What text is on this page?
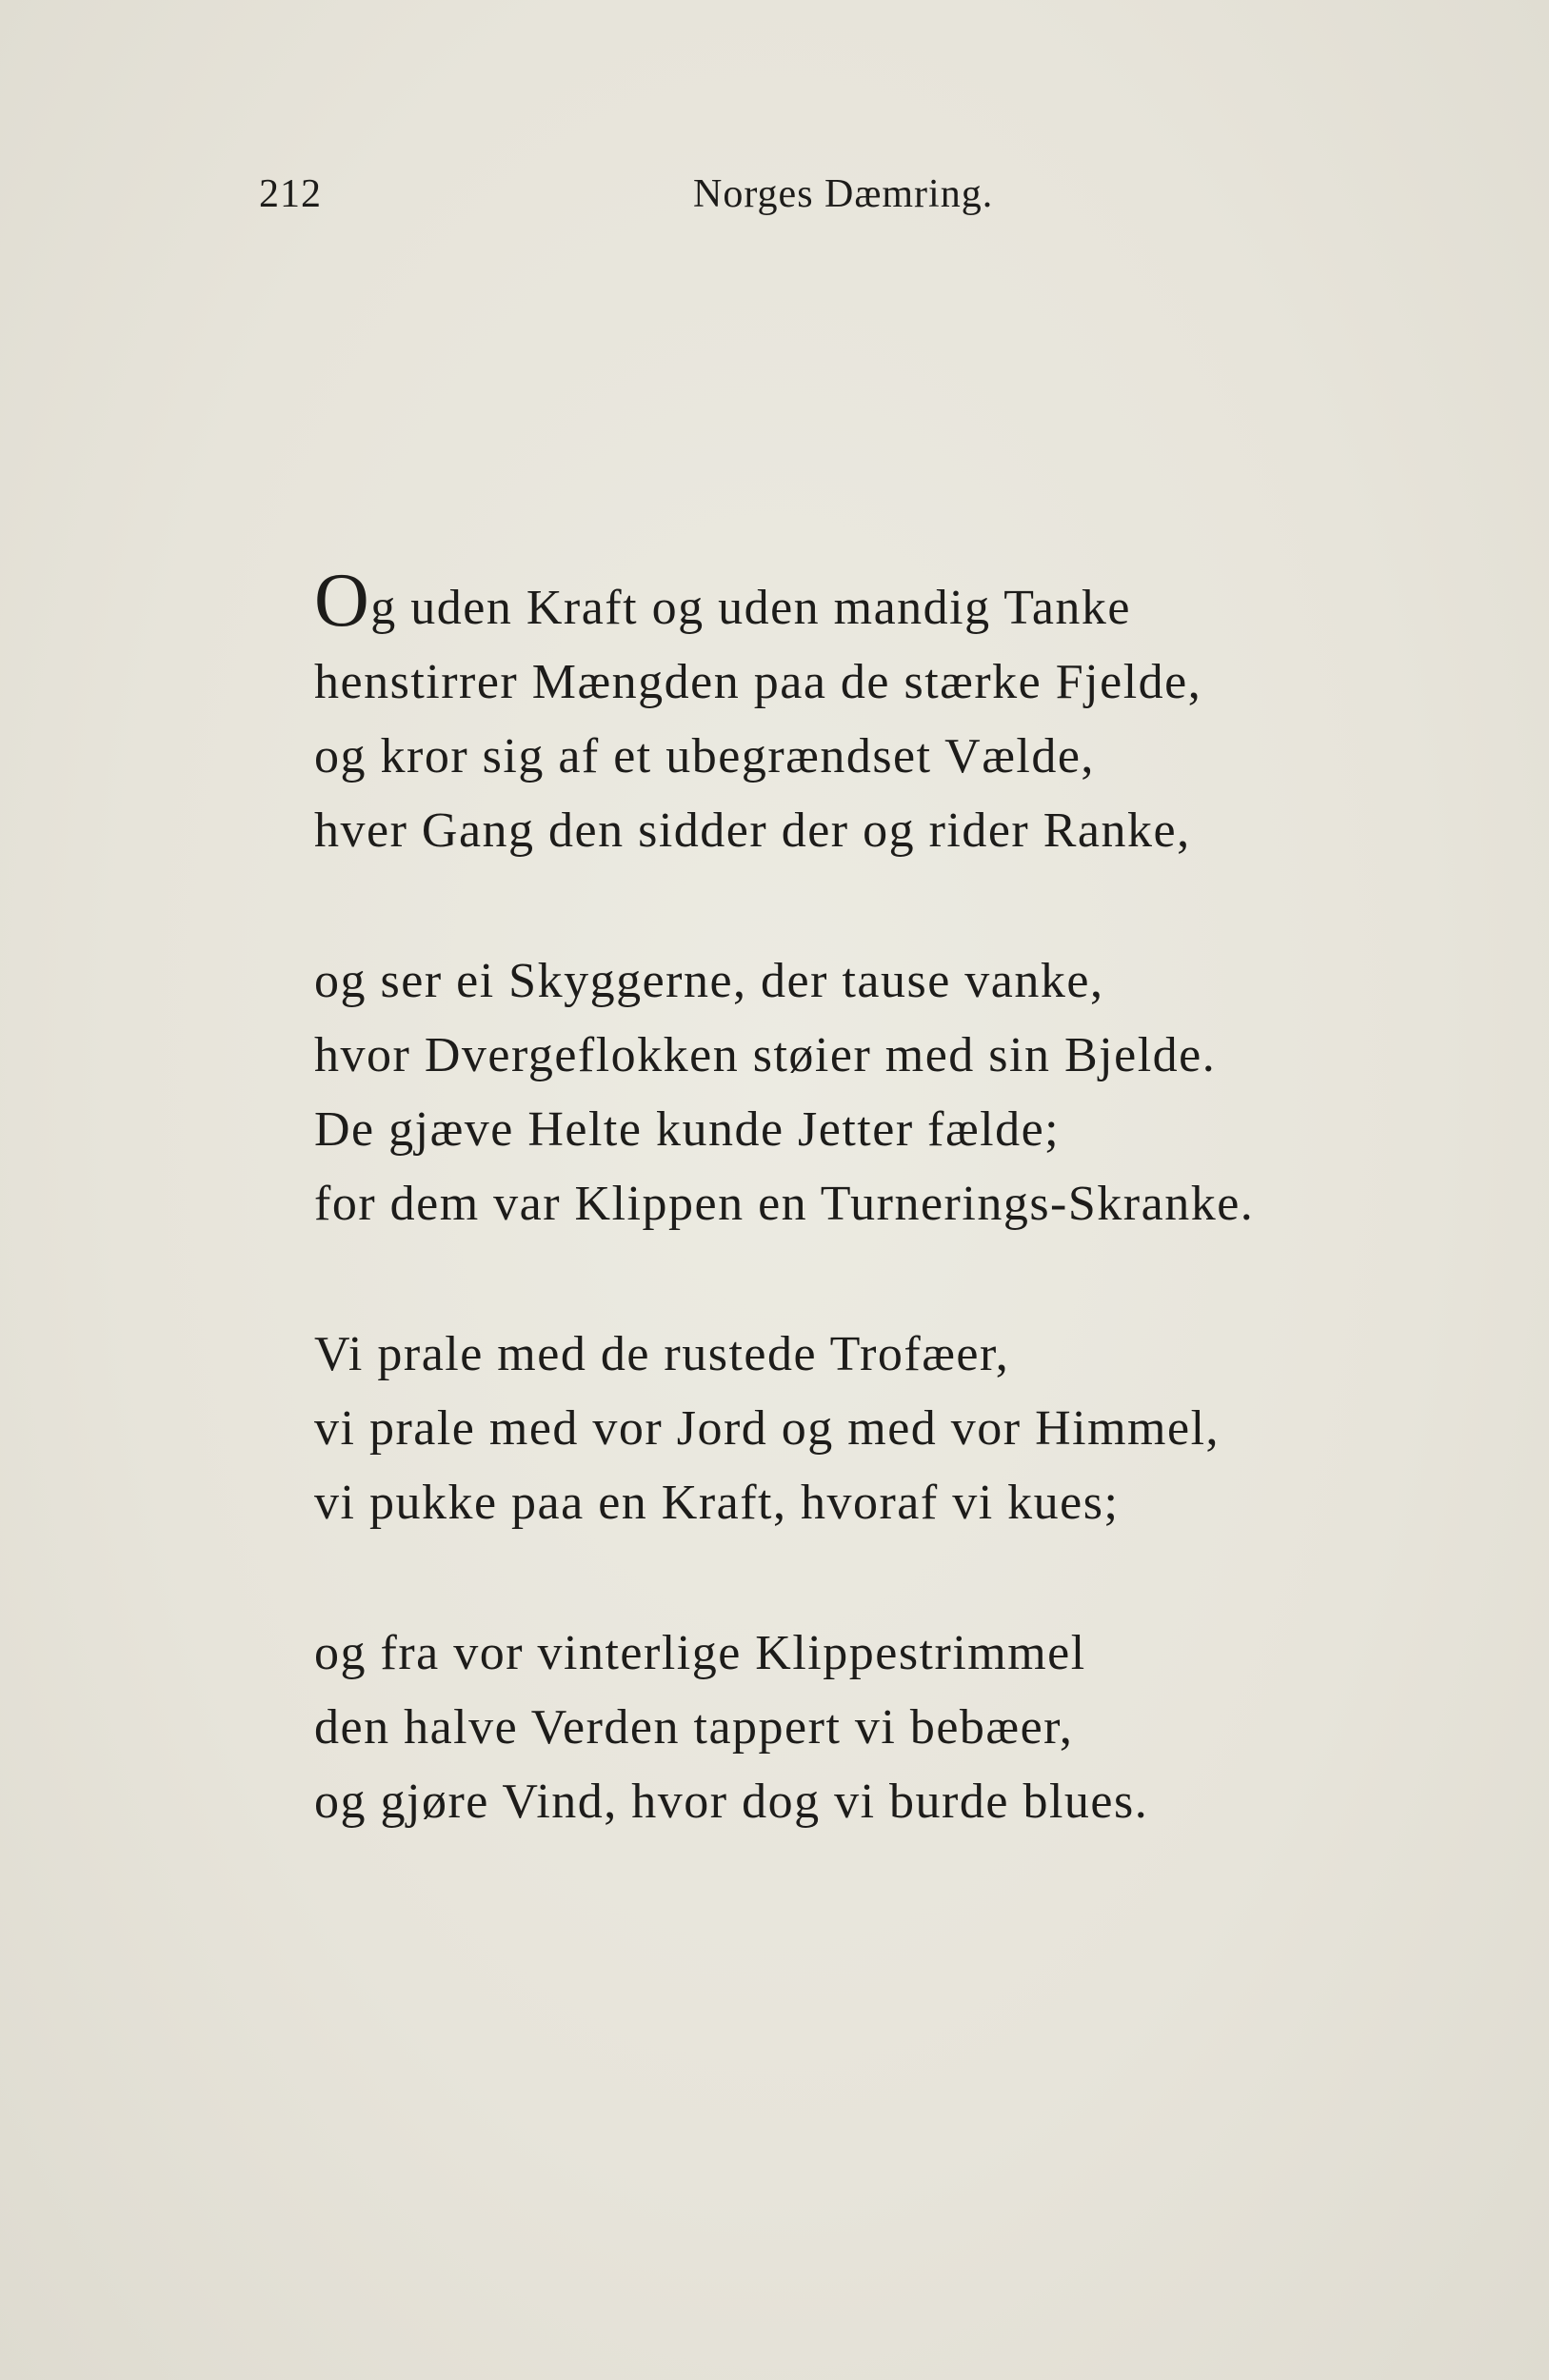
212	Norges Dæmring.
Og uden Kraft og uden mandig Tanke
henstirrer Mængden paa de stærke Fjelde,
og kror sig af et ubegrændset Vælde,
hver Gang den sidder der og rider Ranke,
og ser ei Skyggerne, der tause vanke,
hvor Dvergeflokken støier med sin Bjelde.
De gjæve Helte kunde Jetter fælde;
for dem var Klippen en Turnerings-Skranke.
Vi prale med de rustede Trofæer,
vi prale med vor Jord og med vor Himmel,
vi pukke paa en Kraft, hvoraf vi kues;
og fra vor vinterlige Klippestrimmel
den halve Verden tappert vi bebæer,
og gjøre Vind, hvor dog vi burde blues.
